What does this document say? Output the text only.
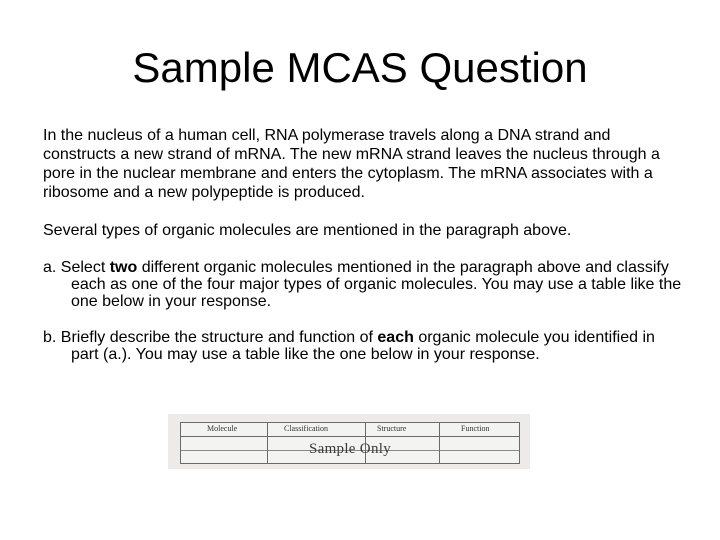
Sample MCAS Question

In the nucleus of a human cell, RNA polymerase travels along a DNA strand and constructs a new strand of mRNA. The new mRNA strand leaves the nucleus through a pore in the nuclear membrane and enters the cytoplasm. The mRNA associates with a ribosome and a new polypeptide is produced.

Several types of organic molecules are mentioned in the paragraph above.

a. Select two different organic molecules mentioned in the paragraph above and classify each as one of the four major types of organic molecules. You may use a table like the one below in your response.

b. Briefly describe the structure and function of each organic molecule you identified in part (a.). You may use a table like the one below in your response.

Molecule	Classification	Structure	Function
Sample Only
